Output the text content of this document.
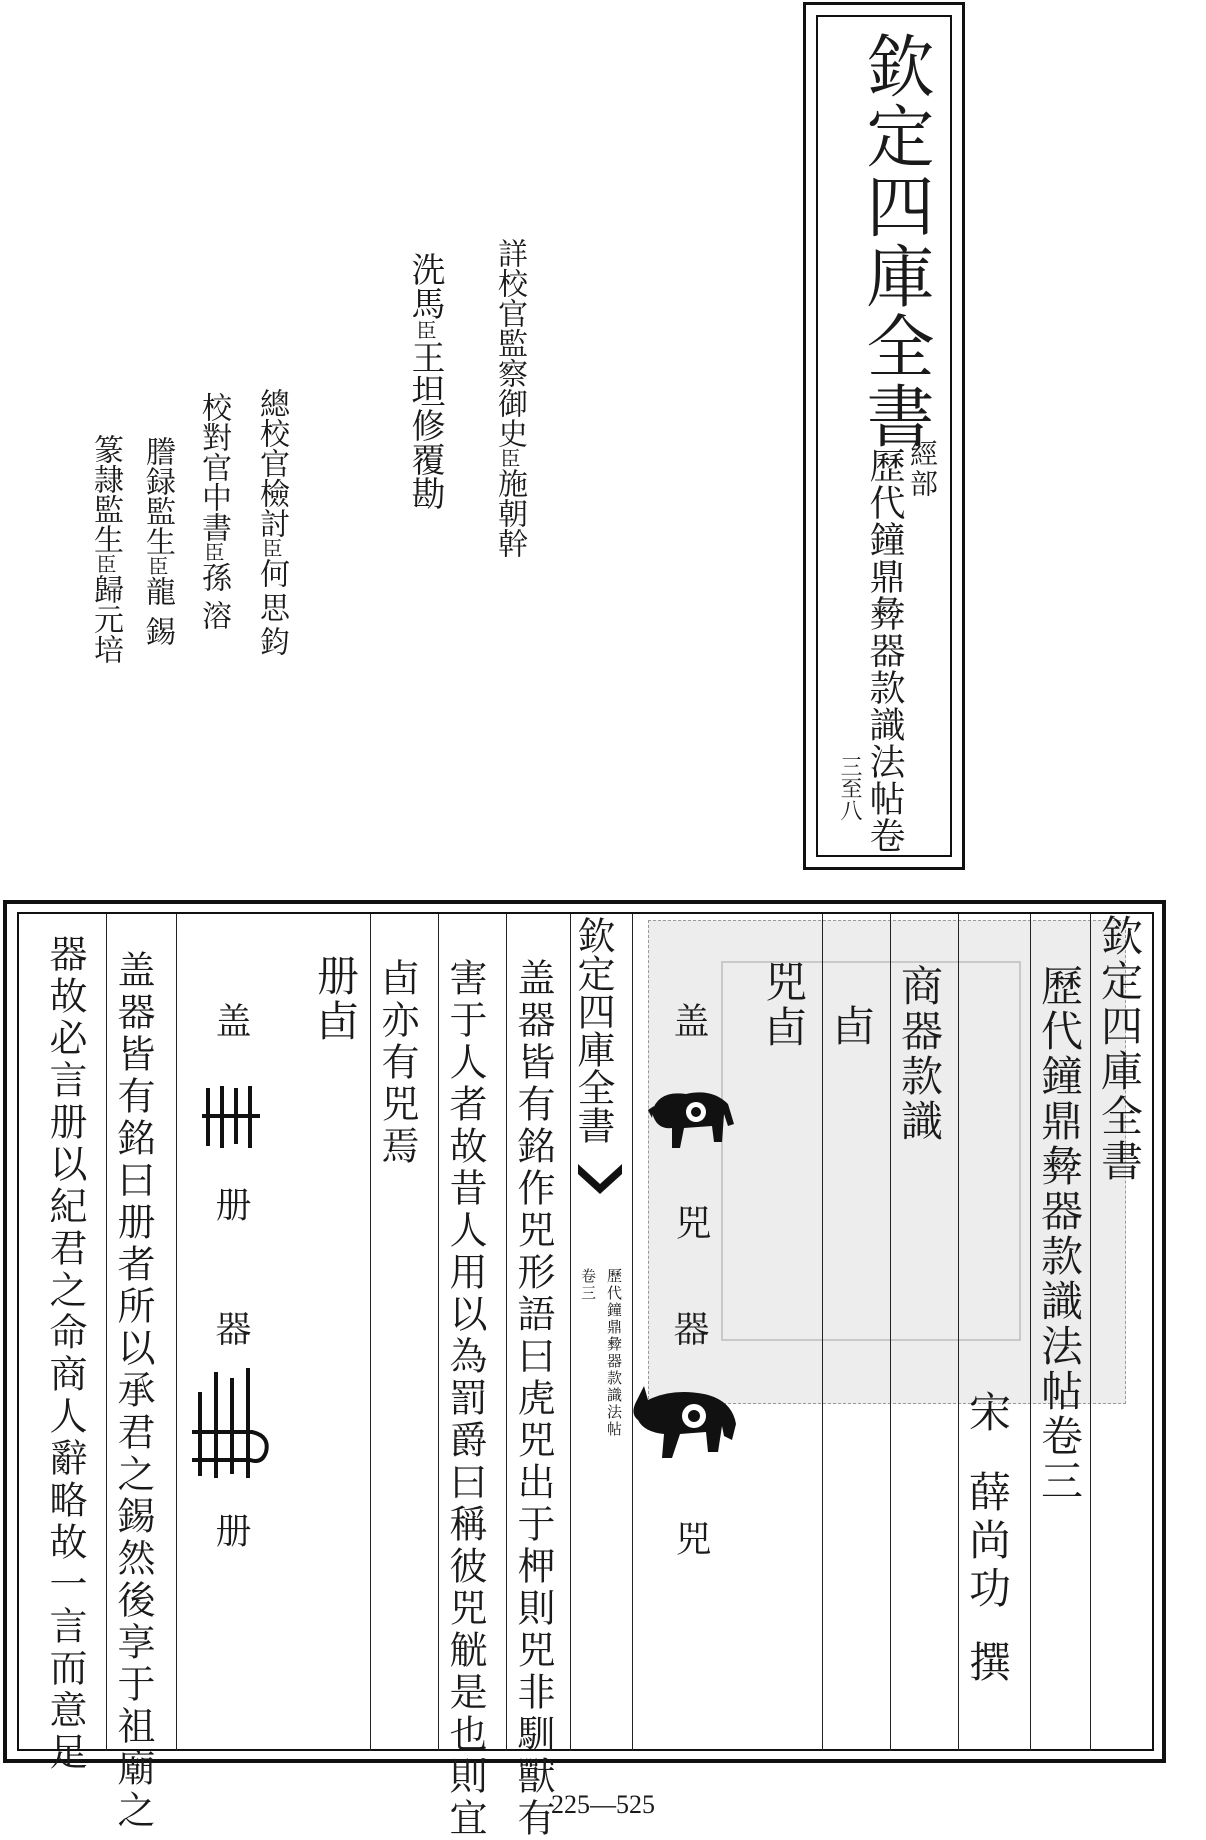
欽定四庫全書
經部
歷代鐘鼎彜器款識法帖卷
三至八
詳校官監察御史臣施朝幹
洗馬臣王坦修覆勘
總校官檢討臣何思鈞
校對官中書臣孫溶
謄録監生臣龍錫
篆隷監生臣歸元培
欽定四庫全書
歷代鐘鼎彜器款識法帖
卷三
欽定四庫全書
歷代鐘鼎彜器款識法帖卷三
宋
薛尚功
撰
商器款識
卣
兕卣
盖
兕
器
兕
盖器皆有銘作兕形語曰虎兕出于柙則兕非馴獸有
害于人者故昔人用以為罰爵曰稱彼兕觥是也則宜
卣亦有兕焉
册卣
盖
册
器
册
盖器皆有銘曰册者所以承君之錫然後享于祖廟之
器故必言册以紀君之命商人辭略故一言而意足
225—525
